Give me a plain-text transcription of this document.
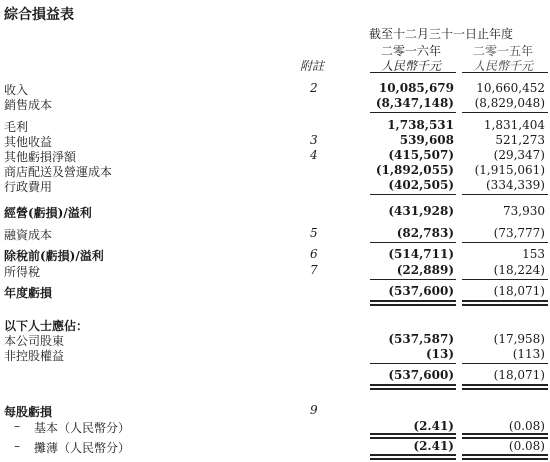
綜合損益表
截至十二月三十一日止年度
二零一六年	二零一五年
附註	人民幣千元	人民幣千元
收入	2	10,085,679 10,660,452
銷售成本	(8,347,148) (8,829,048)
毛利	1,738,531 1,831,404
其他收益	3	539,608	521,273
其他虧損淨額	4	(415,507)	(29,347)
商店配送及營運成本	(1,892,055) (1,915,061)
行政費用	(402,505)	(334,339)
經營(虧損)/溢利	(431,928)	73,930
融資成本	5	(82,783)	(73,777)
除稅前(虧損)/溢利	6	(514,711)	153
所得稅	7	(22,889)	(18,224)
年度虧損	(537,600)	(18,071)
以下人士應佔：
本公司股東	(537,587)	(17,958)
非控股權益	(13)	(113)
(537,600)	(18,071)
每股虧損	9
– 基本（人民幣分）	(2.41)	(0.08)
– 攤薄（人民幣分）	(2.41)	(0.08)
